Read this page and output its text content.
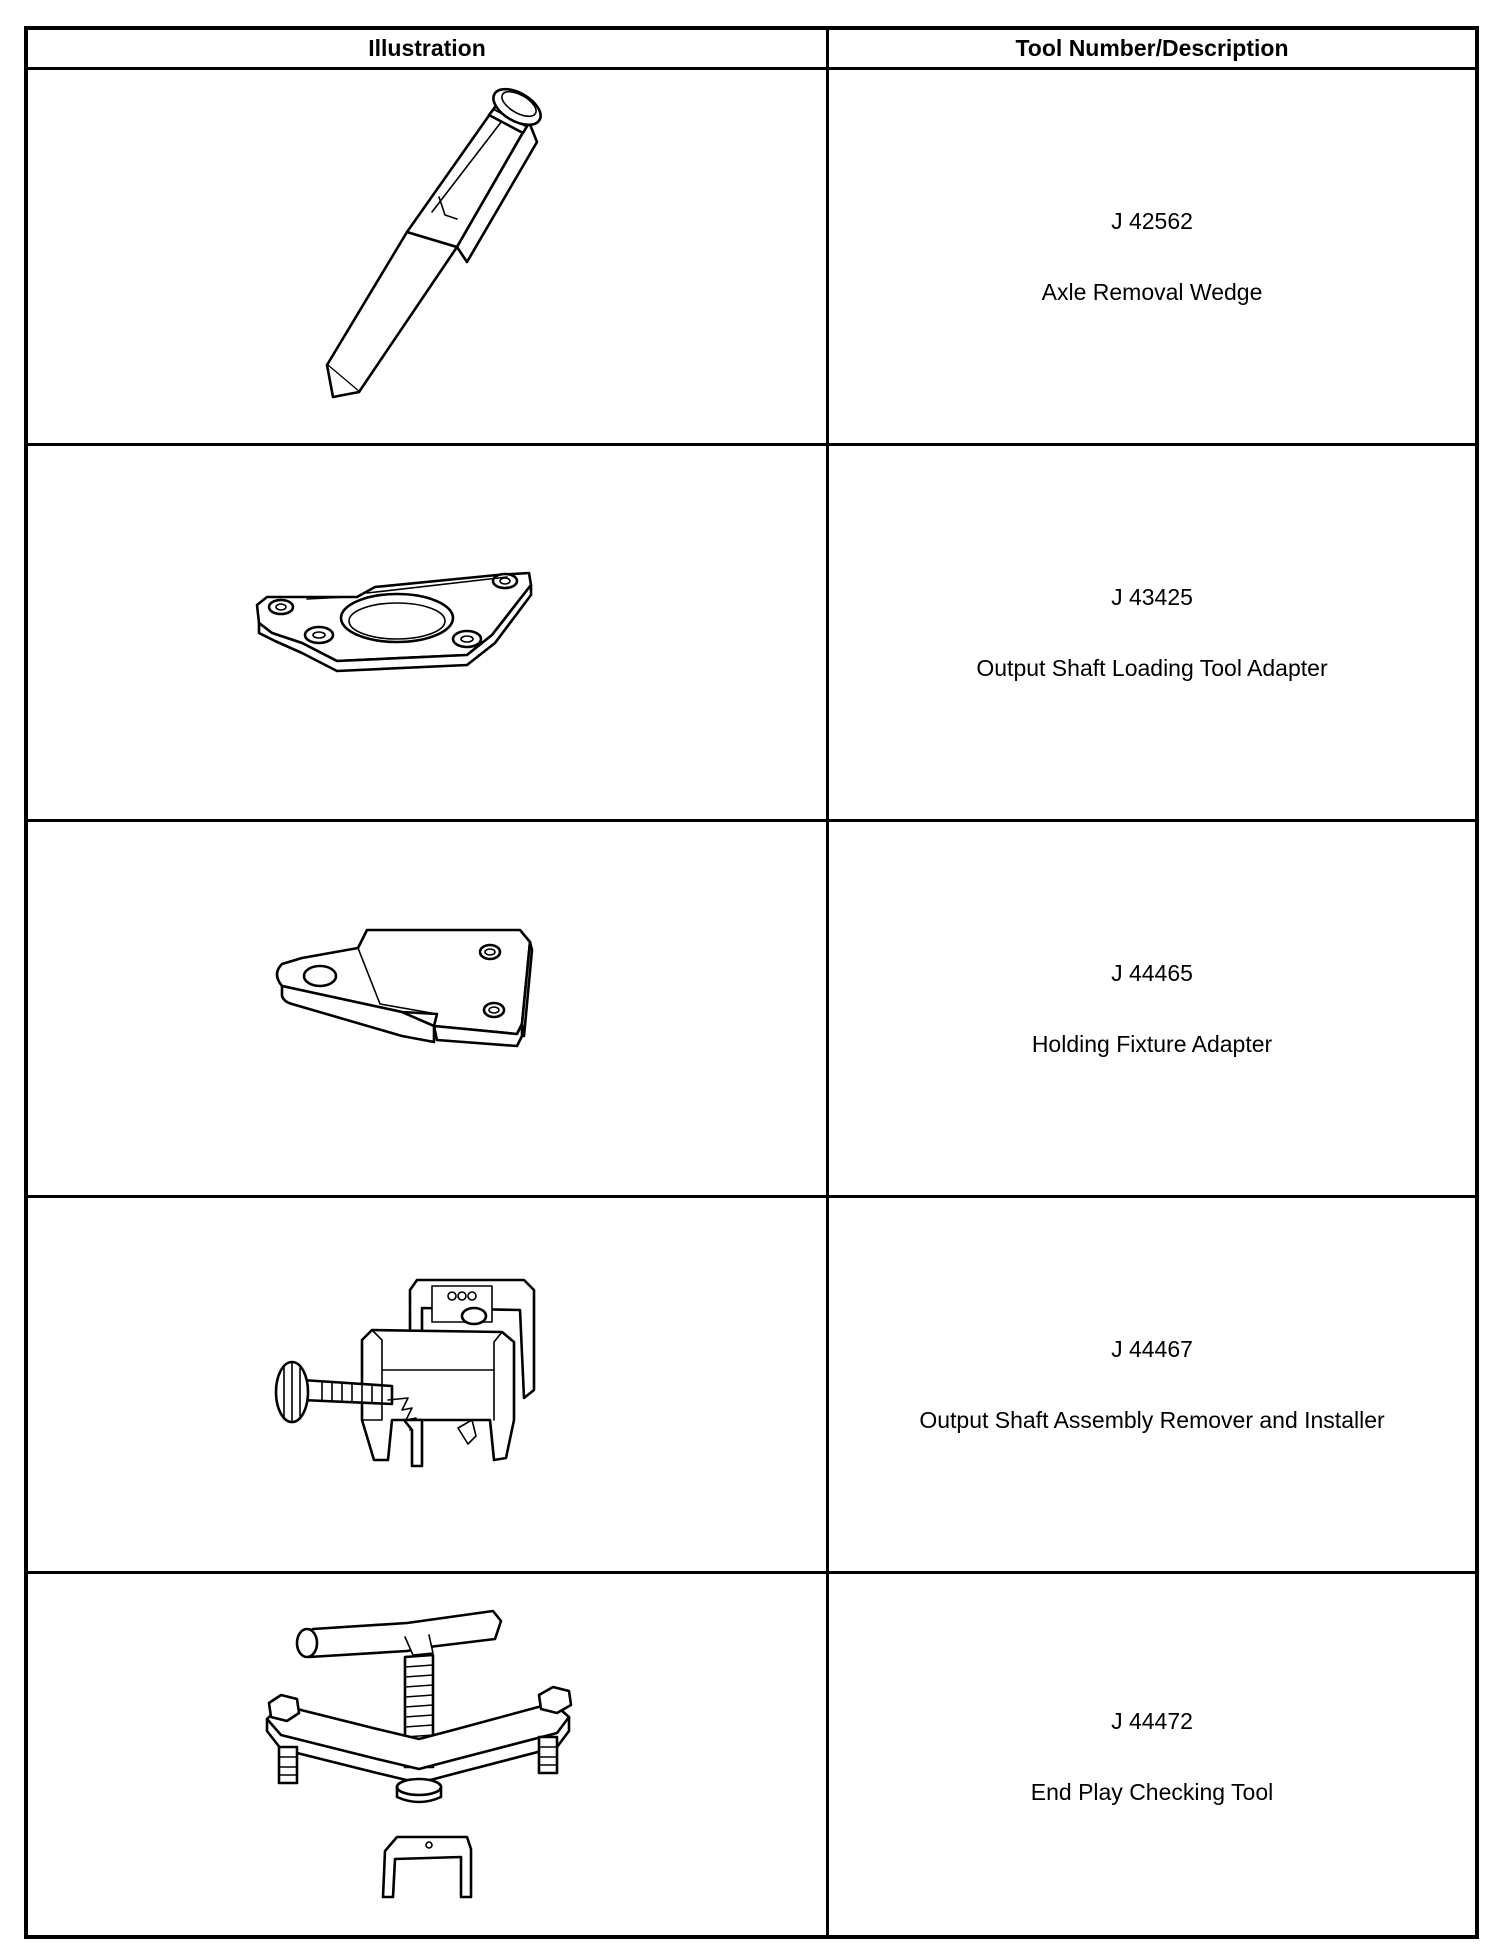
Illustration	Tool Number/Description
J 42562
Axle Removal Wedge
J 43425
Output Shaft Loading Tool Adapter
J 44465
Holding Fixture Adapter
J 44467
Output Shaft Assembly Remover and Installer
J 44472
End Play Checking Tool
